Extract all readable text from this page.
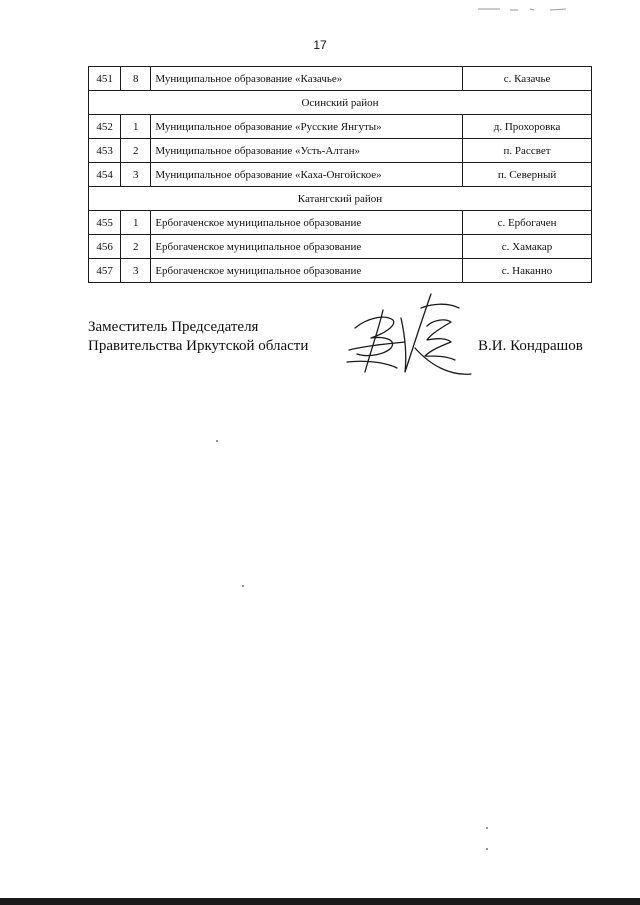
17
451	8	Муниципальное образование «Казачье»	с. Казачье
Осинский район			
452	1	Муниципальное образование «Русские Янгуты»	д. Прохоровка
453	2	Муниципальное образование «Усть-Алтан»	п. Рассвет
454	3	Муниципальное образование «Каха-Онгойское»	п. Северный
Катангский район			
455	1	Ербогаченское муниципальное образование	с. Ербогачен
456	2	Ербогаченское муниципальное образование	с. Хамакар
457	3	Ербогаченское муниципальное образование	с. Наканно
Заместитель Председателя
Правительства Иркутской области	В.И. Кондрашов
